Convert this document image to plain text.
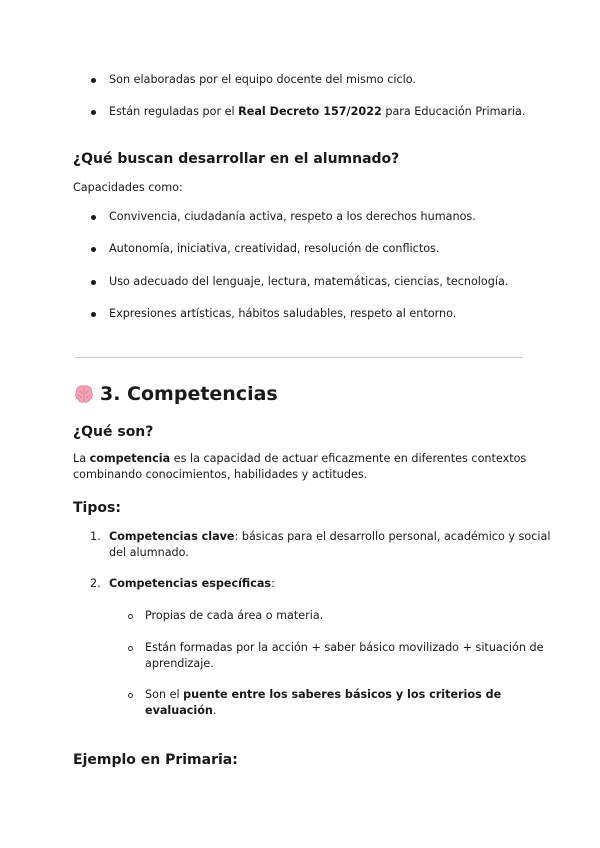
Son elaboradas por el equipo docente del mismo ciclo.
Están reguladas por el Real Decreto 157/2022 para Educación Primaria.
¿Qué buscan desarrollar en el alumnado?
Capacidades como:
Convivencia, ciudadanía activa, respeto a los derechos humanos.
Autonomía, iniciativa, creatividad, resolución de conflictos.
Uso adecuado del lenguaje, lectura, matemáticas, ciencias, tecnología.
Expresiones artísticas, hábitos saludables, respeto al entorno.
3. Competencias
¿Qué son?
La competencia es la capacidad de actuar eficazmente en diferentes contextos
combinando conocimientos, habilidades y actitudes.
Tipos:
1. Competencias clave: básicas para el desarrollo personal, académico y social
del alumnado.
2. Competencias específicas:
Propias de cada área o materia.
Están formadas por la acción + saber básico movilizado + situación de
aprendizaje.
Son el puente entre los saberes básicos y los criterios de
evaluación.
Ejemplo en Primaria:
